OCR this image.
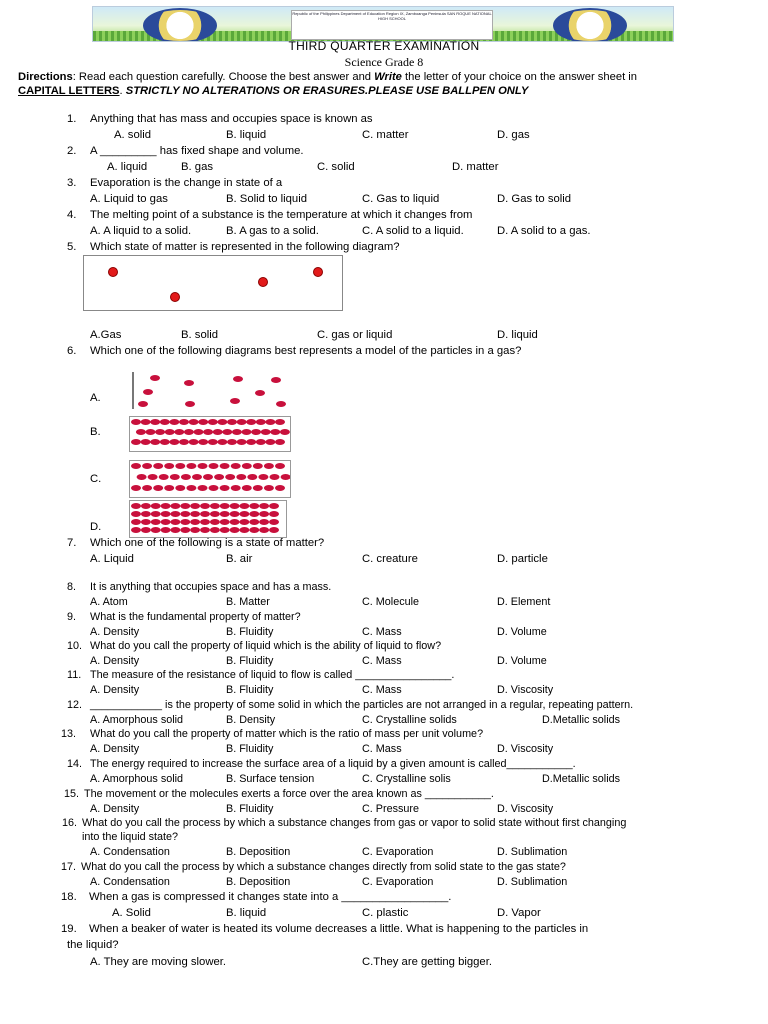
Republic of the Philippines Department of Education Region IX, Zamboanga Peninsula SAN ROQUE NATIONAL HIGH SCHOOL
THIRD QUARTER EXAMINATION
Science Grade 8
Directions: Read each question carefully. Choose the best answer and Write the letter of your choice on the answer sheet in
CAPITAL LETTERS. STRICTLY NO ALTERATIONS OR ERASURES.PLEASE USE BALLPEN ONLY
1. Anything that has mass and occupies space is known as
A. solid	B. liquid	C. matter	D. gas
2. A _________ has fixed shape and volume.
A. liquid	B. gas	C. solid	D. matter
3. Evaporation is the change in state of a
A. Liquid to gas	B. Solid to liquid	C. Gas to liquid	D. Gas to solid
4. The melting point of a substance is the temperature at which it changes from
A. A liquid to a solid.	B. A gas to a solid.	C. A solid to a liquid.	D. A solid to a gas.
5. Which state of matter is represented in the following diagram?
A.Gas	B. solid	C. gas or liquid	D. liquid
6. Which one of the following diagrams best represents a model of the particles in a gas?
A.
B.
C.
D.
7. Which one of the following is a state of matter?
A. Liquid	B. air	C. creature	D. particle
8. It is anything that occupies space and has a mass.
A. Atom	B. Matter	C. Molecule	D. Element
9. What is the fundamental property of matter?
A. Density	B. Fluidity	C. Mass	D. Volume
10. What do you call the property of liquid which is the ability of liquid to flow?
A. Density	B. Fluidity	C. Mass	D. Volume
11. The measure of the resistance of liquid to flow is called ________________.
A. Density	B. Fluidity	C. Mass	D. Viscosity
12. ____________ is the property of some solid in which the particles are not arranged in a regular, repeating pattern.
A. Amorphous solid	B. Density	C. Crystalline solids	D.Metallic solids
13. What do you call the property of matter which is the ratio of mass per unit volume?
A. Density	B. Fluidity	C. Mass	D. Viscosity
14. The energy required to increase the surface area of a liquid by a given amount is called___________.
A. Amorphous solid	B. Surface tension	C. Crystalline solis	D.Metallic solids
15. The movement or the molecules exerts a force over the area known as ___________.
A. Density	B. Fluidity	C. Pressure	D. Viscosity
16. What do you call the process by which a substance changes from gas or vapor to solid state without first changing
into the liquid state?
A. Condensation	B. Deposition	C. Evaporation	D. Sublimation
17. What do you call the process by which a substance changes directly from solid state to the gas state?
A. Condensation	B. Deposition	C. Evaporation	D. Sublimation
18. When a gas is compressed it changes state into a _________________.
A. Solid	B. liquid	C. plastic	D. Vapor
19. When a beaker of water is heated its volume decreases a little. What is happening to the particles in
the liquid?
A. They are moving slower.	C.They are getting bigger.
